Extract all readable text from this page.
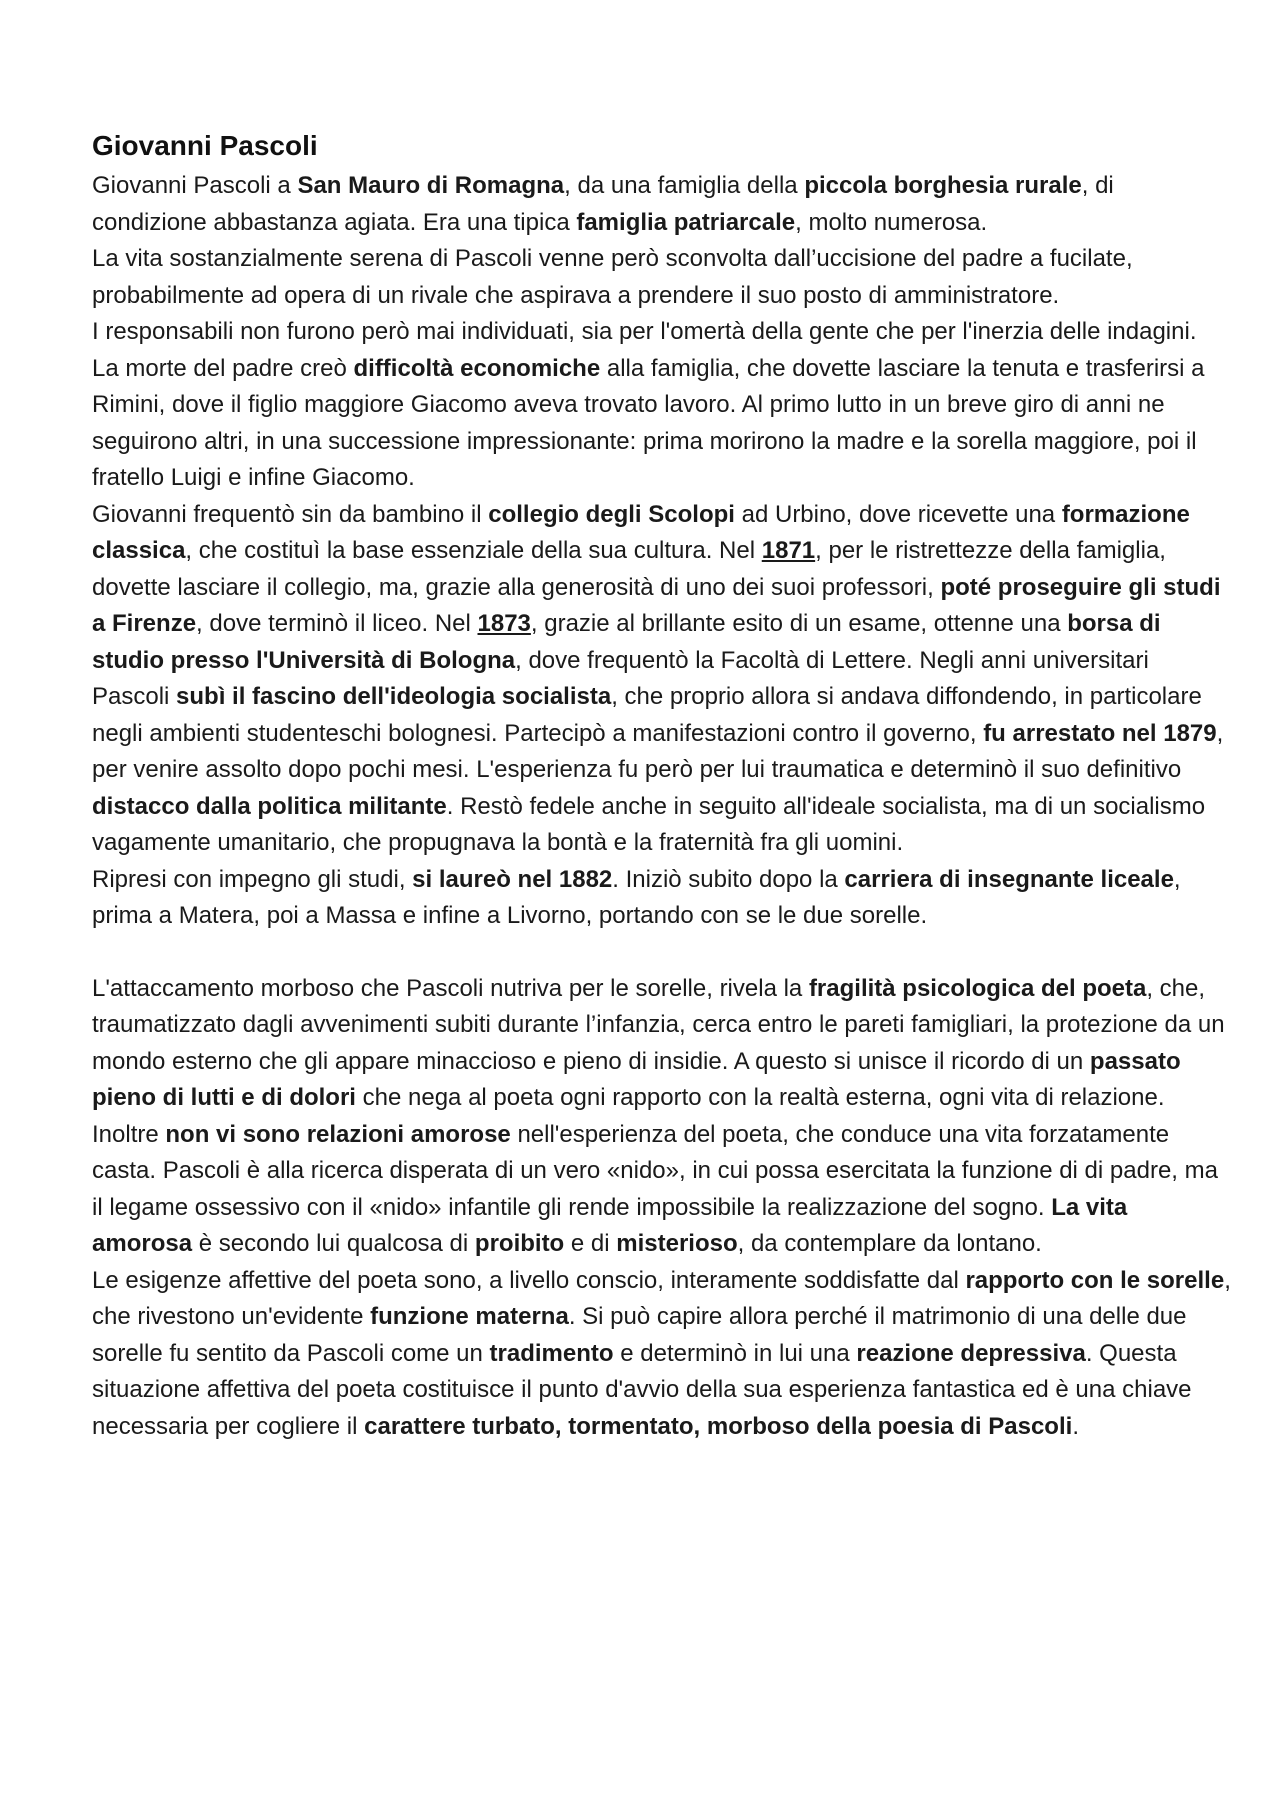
Giovanni Pascoli

Giovanni Pascoli a San Mauro di Romagna, da una famiglia della piccola borghesia rurale, di condizione abbastanza agiata. Era una tipica famiglia patriarcale, molto numerosa.

La vita sostanzialmente serena di Pascoli venne però sconvolta dall’uccisione del padre a fucilate, probabilmente ad opera di un rivale che aspirava a prendere il suo posto di amministratore.

I responsabili non furono però mai individuati, sia per l'omertà della gente che per l'inerzia delle indagini.

La morte del padre creò difficoltà economiche alla famiglia, che dovette lasciare la tenuta e trasferirsi a Rimini, dove il figlio maggiore Giacomo aveva trovato lavoro. Al primo lutto in un breve giro di anni ne seguirono altri, in una successione impressionante: prima morirono la madre e la sorella maggiore, poi il fratello Luigi e infine Giacomo.

Giovanni frequentò sin da bambino il collegio degli Scolopi ad Urbino, dove ricevette una formazione classica, che costituì la base essenziale della sua cultura. Nel 1871, per le ristrettezze della famiglia, dovette lasciare il collegio, ma, grazie alla generosità di uno dei suoi professori, poté proseguire gli studi a Firenze, dove terminò il liceo. Nel 1873, grazie al brillante esito di un esame, ottenne una borsa di studio presso l'Università di Bologna, dove frequentò la Facoltà di Lettere. Negli anni universitari Pascoli subì il fascino dell'ideologia socialista, che proprio allora si andava diffondendo, in particolare negli ambienti studenteschi bolognesi. Partecipò a manifestazioni contro il governo, fu arrestato nel 1879, per venire assolto dopo pochi mesi. L'esperienza fu però per lui traumatica e determinò il suo definitivo distacco dalla politica militante. Restò fedele anche in seguito all'ideale socialista, ma di un socialismo vagamente umanitario, che propugnava la bontà e la fraternità fra gli uomini.

Ripresi con impegno gli studi, si laureò nel 1882. Iniziò subito dopo la carriera di insegnante liceale, prima a Matera, poi a Massa e infine a Livorno, portando con se le due sorelle.

L'attaccamento morboso che Pascoli nutriva per le sorelle, rivela la fragilità psicologica del poeta, che, traumatizzato dagli avvenimenti subiti durante l’infanzia, cerca entro le pareti famigliari, la protezione da un mondo esterno che gli appare minaccioso e pieno di insidie. A questo si unisce il ricordo di un passato pieno di lutti e di dolori che nega al poeta ogni rapporto con la realtà esterna, ogni vita di relazione.

Inoltre non vi sono relazioni amorose nell'esperienza del poeta, che conduce una vita forzatamente casta. Pascoli è alla ricerca disperata di un vero «nido», in cui possa esercitata la funzione di di padre, ma il legame ossessivo con il «nido» infantile gli rende impossibile la realizzazione del sogno. La vita amorosa è secondo lui qualcosa di proibito e di misterioso, da contemplare da lontano.

Le esigenze affettive del poeta sono, a livello conscio, interamente soddisfatte dal rapporto con le sorelle, che rivestono un'evidente funzione materna. Si può capire allora perché il matrimonio di una delle due sorelle fu sentito da Pascoli come un tradimento e determinò in lui una reazione depressiva. Questa situazione affettiva del poeta costituisce il punto d'avvio della sua esperienza fantastica ed è una chiave necessaria per cogliere il carattere turbato, tormentato, morboso della poesia di Pascoli.
